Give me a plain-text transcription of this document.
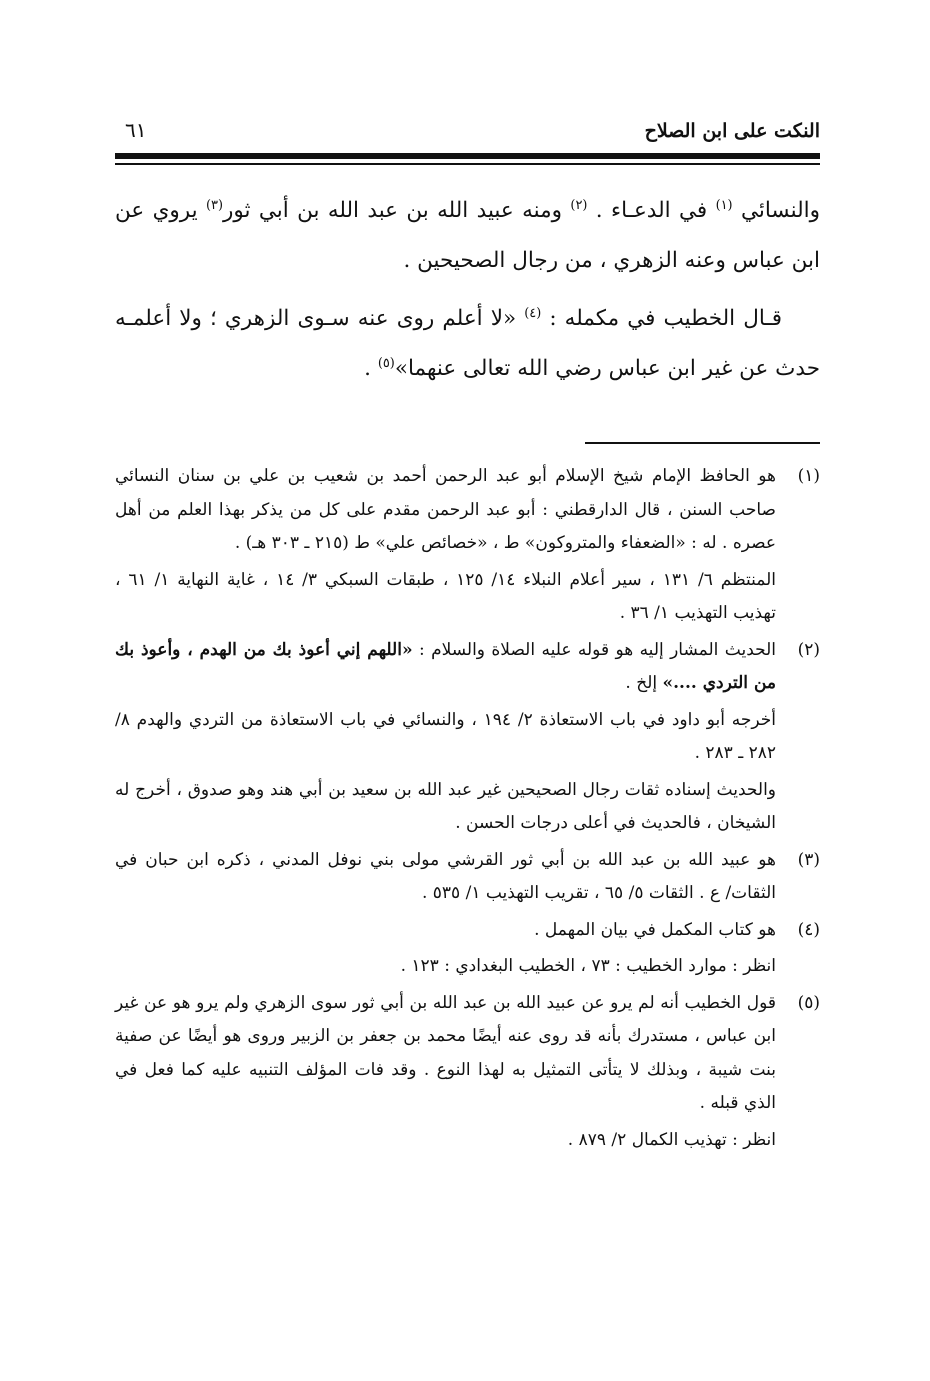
النكت على ابن الصلاح
٦١

والنسائي $^{(١)}$ في الدعـاء . $^{(٢)}$ ومنه عبيد الله بن عبد الله بن أبي ثور$^{(٣)}$ يروي عن ابن عباس وعنه الزهري ، من رجال الصحيحين .

قـال الخطيب في مكمله : $^{(٤)}$ «لا أعلم روى عنه سـوى الزهري ؛ ولا أعلمـه حدث عن غير ابن عباس رضي الله تعالى عنهما»$^{(٥)}$ .

(١)

هو الحافظ الإمام شيخ الإسلام أبو عبد الرحمن أحمد بن شعيب بن علي بن سنان النسائي صاحب السنن ، قال الدارقطني : أبو عبد الرحمن مقدم على كل من يذكر بهذا العلم من أهل عصره . له : «الضعفاء والمتروكون» ط ، «خصائص علي» ط (٢١٥ ـ ٣٠٣ هـ) .

المنتظم ٦/ ١٣١ ، سير أعلام النبلاء ١٤/ ١٢٥ ، طبقات السبكي ٣/ ١٤ ، غاية النهاية ١/ ٦١ ، تهذيب التهذيب ١/ ٣٦ .

(٢)

الحديث المشار إليه هو قوله عليه الصلاة والسلام : «اللهم إني أعوذ بك من الهدم ، وأعوذ بك من التردي ....» إلخ .

أخرجه أبو داود في باب الاستعاذة ٢/ ١٩٤ ، والنسائي في باب الاستعاذة من التردي والهدم ٨/ ٢٨٢ ـ ٢٨٣ .

والحديث إسناده ثقات رجال الصحيحين غير عبد الله بن سعيد بن أبي هند وهو صدوق ، أخرج له الشيخان ، فالحديث في أعلى درجات الحسن .

(٣)

هو عبيد الله بن عبد الله بن أبي ثور القرشي مولى بني نوفل المدني ، ذكره ابن حبان في الثقات/ ع . الثقات ٥/ ٦٥ ، تقريب التهذيب ١/ ٥٣٥ .

(٤)

هو كتاب المكمل في بيان المهمل .

انظر : موارد الخطيب : ٧٣ ، الخطيب البغدادي : ١٢٣ .

(٥)

قول الخطيب أنه لم يرو عن عبيد الله بن عبد الله بن أبي ثور سوى الزهري ولم يرو هو عن غير ابن عباس ، مستدرك بأنه قد روى عنه أيضًا محمد بن جعفر بن الزبير وروى هو أيضًا عن صفية بنت شيبة ، وبذلك لا يتأتى التمثيل به لهذا النوع . وقد فات المؤلف التنبيه عليه كما فعل في الذي قبله .

انظر : تهذيب الكمال ٢/ ٨٧٩ .
